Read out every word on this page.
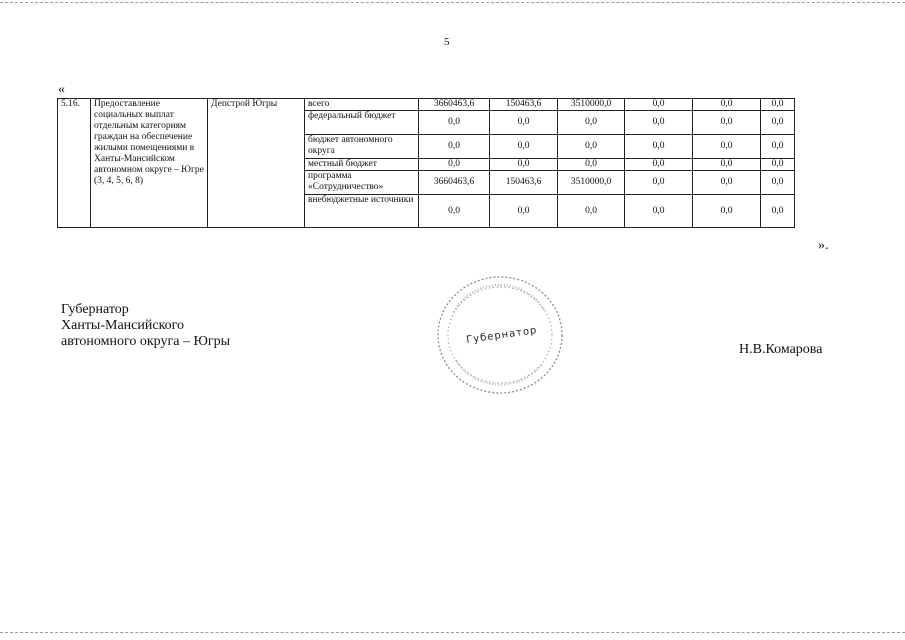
5
«
5.16.	Предоставление социальных выплат отдельным категориям граждан на обеспечение жилыми помещениями в Ханты-Мансийском автономном округе – Югре (3, 4, 5, 6, 8)	Депстрой Югры	всего	3660463,6	150463,6	3510000,0	0,0	0,0	0,0
			федеральный бюджет	0,0	0,0	0,0	0,0	0,0	0,0
			бюджет автономного округа	0,0	0,0	0,0	0,0	0,0	0,0
			местный бюджет	0,0	0,0	0,0	0,0	0,0	0,0
			программа «Сотрудничество»	3660463,6	150463,6	3510000,0	0,0	0,0	0,0
			внебюджетные источники	0,0	0,0	0,0	0,0	0,0	0,0
».
Губернатор
Ханты-Мансийского
автономного округа – Югры	Губернатор
Н.В.Комарова
